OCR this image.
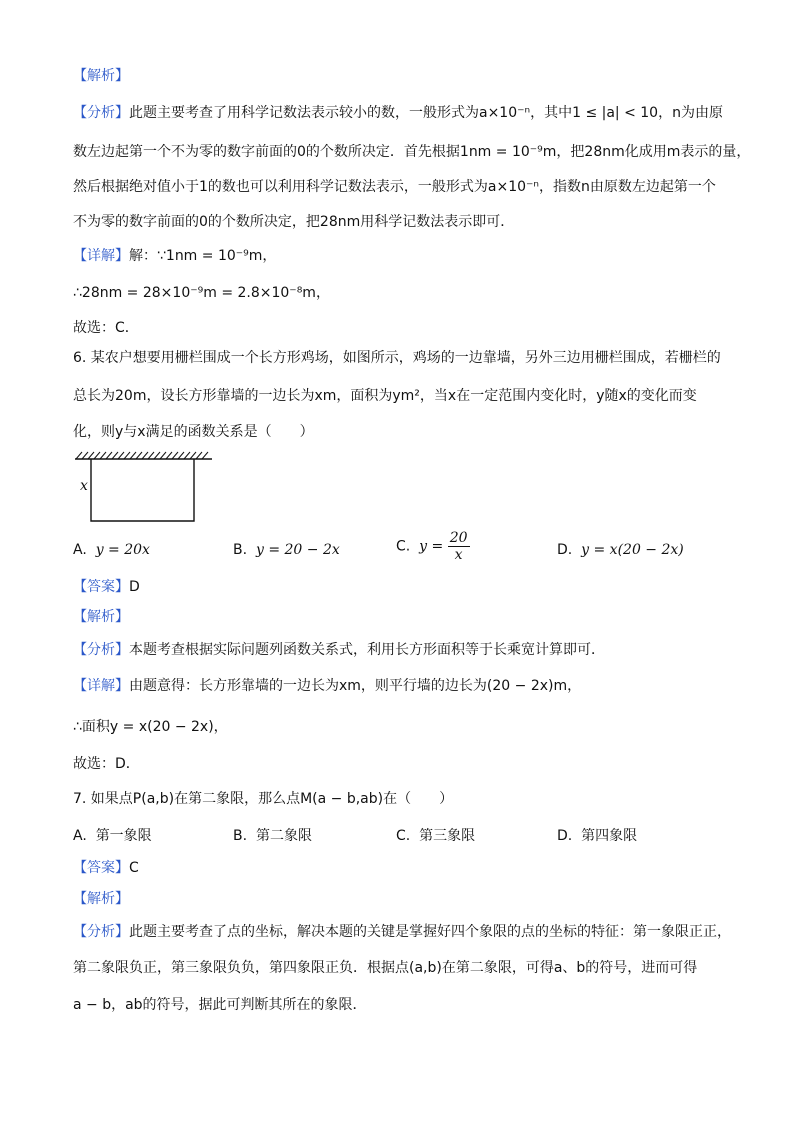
【解析】
【分析】此题主要考查了用科学记数法表示较小的数，一般形式为a×10⁻ⁿ，其中1 ≤ |a| < 10，n为由原
数左边起第一个不为零的数字前面的0的个数所决定．首先根据1nm = 10⁻⁹m，把28nm化成用m表示的量，
然后根据绝对值小于1的数也可以利用科学记数法表示，一般形式为a×10⁻ⁿ，指数n由原数左边起第一个
不为零的数字前面的0的个数所决定，把28nm用科学记数法表示即可．
【详解】解：∵1nm = 10⁻⁹m，
∴28nm = 28×10⁻⁹m = 2.8×10⁻⁸m，
故选：C．
6. 某农户想要用栅栏围成一个长方形鸡场，如图所示，鸡场的一边靠墙，另外三边用栅栏围成，若栅栏的
总长为20m，设长方形靠墙的一边长为xm，面积为ym²，当x在一定范围内变化时，y随x的变化而变
化，则y与x满足的函数关系是（　　）
x
A. y = 20x	B. y = 20 − 2x	C. $y = \frac{20}{x}$	D. y = x(20 − 2x)
【答案】D
【解析】
【分析】本题考查根据实际问题列函数关系式，利用长方形面积等于长乘宽计算即可．
【详解】由题意得：长方形靠墙的一边长为xm，则平行墙的边长为(20 − 2x)m，
∴面积y = x(20 − 2x)，
故选：D．
7. 如果点P(a,b)在第二象限，那么点M(a − b,ab)在（　　）
A. 第一象限	B. 第二象限	C. 第三象限	D. 第四象限
【答案】C
【解析】
【分析】此题主要考查了点的坐标，解决本题的关键是掌握好四个象限的点的坐标的特征：第一象限正正，
第二象限负正，第三象限负负，第四象限正负．根据点(a,b)在第二象限，可得a、b的符号，进而可得
a − b，ab的符号，据此可判断其所在的象限．
